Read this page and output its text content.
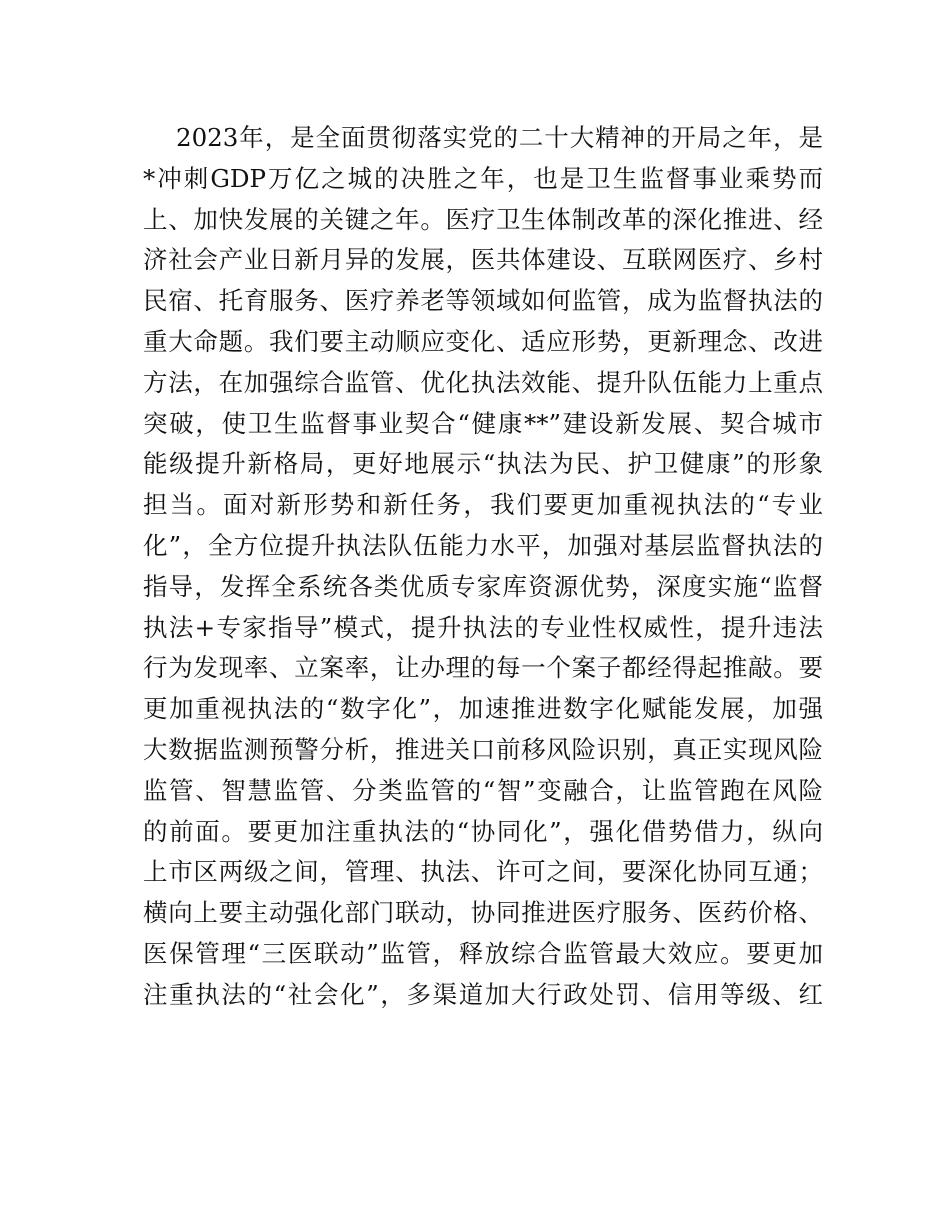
2023年，是全面贯彻落实党的二十大精神的开局之年，是
*冲刺GDP万亿之城的决胜之年，也是卫生监督事业乘势而
上、加快发展的关键之年。医疗卫生体制改革的深化推进、经
济社会产业日新月异的发展，医共体建设、互联网医疗、乡村
民宿、托育服务、医疗养老等领域如何监管，成为监督执法的
重大命题。我们要主动顺应变化、适应形势，更新理念、改进
方法，在加强综合监管、优化执法效能、提升队伍能力上重点
突破，使卫生监督事业契合“健康**”建设新发展、契合城市
能级提升新格局，更好地展示“执法为民、护卫健康”的形象
担当。面对新形势和新任务，我们要更加重视执法的“专业
化”，全方位提升执法队伍能力水平，加强对基层监督执法的
指导，发挥全系统各类优质专家库资源优势，深度实施“监督
执法+专家指导”模式，提升执法的专业性权威性，提升违法
行为发现率、立案率，让办理的每一个案子都经得起推敲。要
更加重视执法的“数字化”，加速推进数字化赋能发展，加强
大数据监测预警分析，推进关口前移风险识别，真正实现风险
监管、智慧监管、分类监管的“智”变融合，让监管跑在风险
的前面。要更加注重执法的“协同化”，强化借势借力，纵向
上市区两级之间，管理、执法、许可之间，要深化协同互通；
横向上要主动强化部门联动，协同推进医疗服务、医药价格、
医保管理“三医联动”监管，释放综合监管最大效应。要更加
注重执法的“社会化”，多渠道加大行政处罚、信用等级、红
